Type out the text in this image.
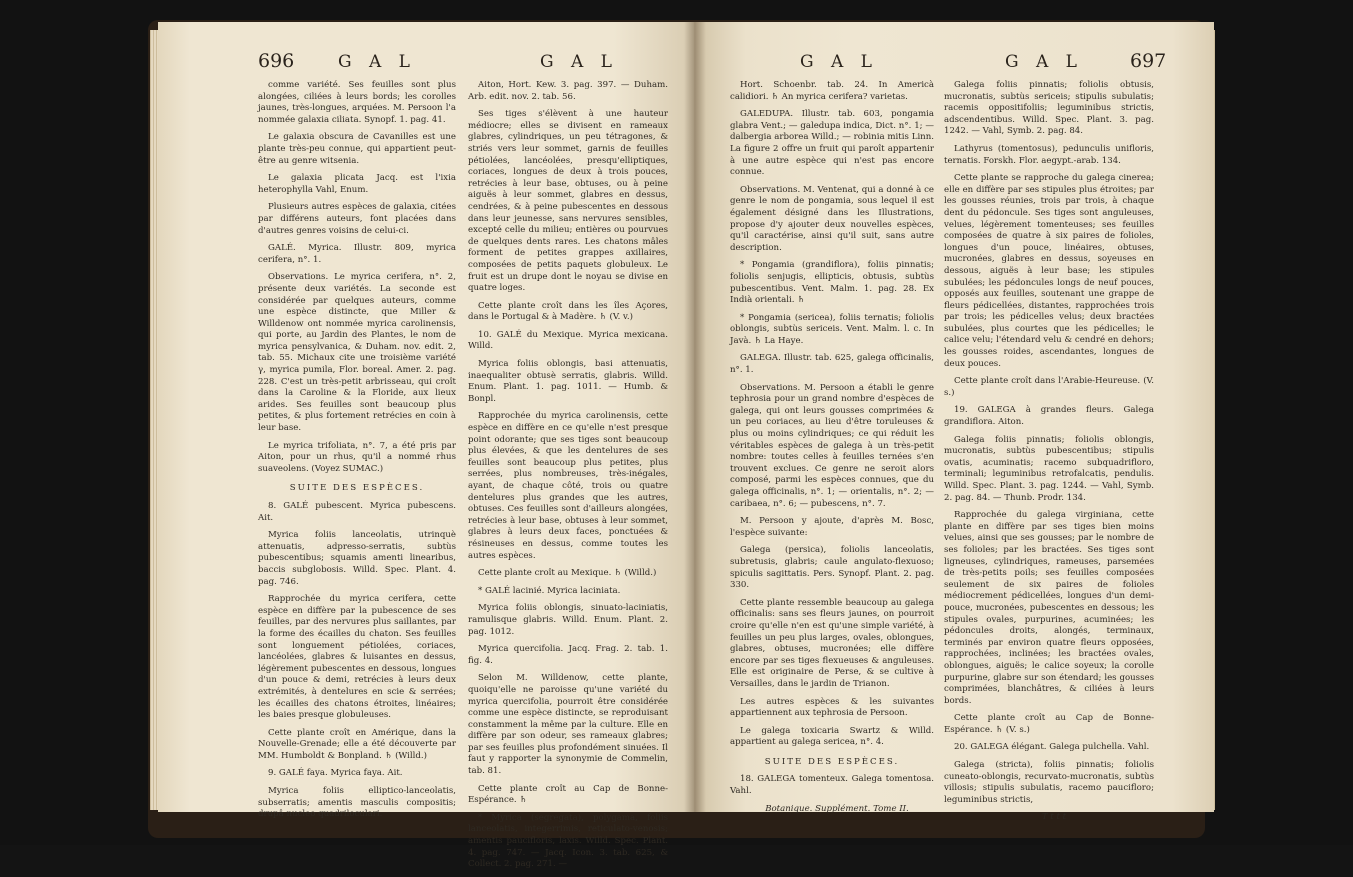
696	G A L	G A L	G A L	G A L 697

comme variété. Ses feuilles sont plus alongées, ciliées à leurs bords; les corolles jaunes, très-longues, arquées. M. Persoon l'a nommée galaxia ciliata. Synopf. 1. pag. 41.

Le galaxia obscura de Cavanilles est une plante très-peu connue, qui appartient peut-être au genre witsenia.

Le galaxia plicata Jacq. est l'ixia heterophylla Vahl, Enum.

Plusieurs autres espèces de galaxia, citées par différens auteurs, font placées dans d'autres genres voisins de celui-ci.

GALÉ. Myrica. Illustr. 809, myrica cerifera, n°. 1.

Observations. Le myrica cerifera, n°. 2, présente deux variétés. La seconde est considérée par quelques auteurs, comme une espèce distincte, que Miller & Willdenow ont nommée myrica carolinensis, qui porte, au Jardin des Plantes, le nom de myrica pensylvanica, & Duham. nov. edit. 2, tab. 55. Michaux cite une troisième variété γ, myrica pumila, Flor. boreal. Amer. 2. pag. 228. C'est un très-petit arbrisseau, qui croît dans la Caroline & la Floride, aux lieux arides. Ses feuilles sont beaucoup plus petites, & plus fortement retrécies en coin à leur base.

Le myrica trifoliata, n°. 7, a été pris par Aiton, pour un rhus, qu'il a nommé rhus suaveolens. (Voyez SUMAC.)

SUITE DES ESPÈCES.

8. GALÉ pubescent. Myrica pubescens. Ait.

Myrica foliis lanceolatis, utrinquè attenuatis, adpresso-serratis, subtùs pubescentibus; squamis amenti linearibus, baccis subglobosis. Willd. Spec. Plant. 4. pag. 746.

Rapprochée du myrica cerifera, cette espèce en diffère par la pubescence de ses feuilles, par des nervures plus saillantes, par la forme des écailles du chaton. Ses feuilles sont longuement pétiolées, coriaces, lancéolées, glabres & luisantes en dessus, légèrement pubescentes en dessous, longues d'un pouce & demi, retrécies à leurs deux extrémités, à dentelures en scie & serrées; les écailles des chatons étroites, linéaires; les baies presque globuleuses.

Cette plante croît en Amérique, dans la Nouvelle-Grenade; elle a été découverte par MM. Humboldt & Bonpland. ♄ (Willd.)

9. GALÉ faya. Myrica faya. Ait.

Myrica foliis elliptico-lanceolatis, subserratis; amentis masculis compositis; drupâ nucleo quadriloculari.

Aiton, Hort. Kew. 3. pag. 397. — Duham. Arb. edit. nov. 2. tab. 56.

Ses tiges s'élèvent à une hauteur médiocre; elles se divisent en rameaux glabres, cylindriques, un peu tétragones, & striés vers leur sommet, garnis de feuilles pétiolées, lancéolées, presqu'elliptiques, coriaces, longues de deux à trois pouces, retrécies à leur base, obtuses, ou à peine aiguës à leur sommet, glabres en dessus, cendrées, & à peine pubescentes en dessous dans leur jeunesse, sans nervures sensibles, excepté celle du milieu; entières ou pourvues de quelques dents rares. Les chatons mâles forment de petites grappes axillaires, composées de petits paquets globuleux. Le fruit est un drupe dont le noyau se divise en quatre loges.

Cette plante croît dans les îles Açores, dans le Portugal & à Madère. ♄ (V. v.)

10. GALÉ du Mexique. Myrica mexicana. Willd.

Myrica foliis oblongis, basi attenuatis, inaequaliter obtusè serratis, glabris. Willd. Enum. Plant. 1. pag. 1011. — Humb. & Bonpl.

Rapprochée du myrica carolinensis, cette espèce en diffère en ce qu'elle n'est presque point odorante; que ses tiges sont beaucoup plus élevées, & que les dentelures de ses feuilles sont beaucoup plus petites, plus serrées, plus nombreuses, très-inégales, ayant, de chaque côté, trois ou quatre dentelures plus grandes que les autres, obtuses. Ces feuilles sont d'ailleurs alongées, retrécies à leur base, obtuses à leur sommet, glabres à leurs deux faces, ponctuées & résineuses en dessus, comme toutes les autres espèces.

Cette plante croît au Mexique. ♄ (Willd.)

* GALÉ lacinié. Myrica laciniata.

Myrica foliis oblongis, sinuato-laciniatis, ramulisque glabris. Willd. Enum. Plant. 2. pag. 1012.

Myrica quercifolia. Jacq. Frag. 2. tab. 1. fig. 4.

Selon M. Willdenow, cette plante, quoiqu'elle ne paroisse qu'une variété du myrica quercifolia, pourroit être considérée comme une espèce distincte, se reproduisant constamment la même par la culture. Elle en diffère par son odeur, ses rameaux glabres; par ses feuilles plus profondément sinuées. Il faut y rapporter la synonymie de Commelin, tab. 81.

Cette plante croît au Cap de Bonne-Espérance. ♄

* Myrica (segregata), polygama, foliis lanceolatis, integerrimis, reticulato-venosis; amentis paucifloris, laxis. Willd. Spec. Plant. 4. pag. 747. — Jacq. Icon. 3. tab. 625, & Collect. 2. pag. 271. —

Hort. Schoenbr. tab. 24. In Americà calidiori. ♄ An myrica cerifera? varietas.

GALEDUPA. Illustr. tab. 603, pongamia glabra Vent.; — galedupa indica, Dict. n°. 1; — dalbergia arborea Willd.; — robinia mitis Linn. La figure 2 offre un fruit qui paroît appartenir à une autre espèce qui n'est pas encore connue.

Observations. M. Ventenat, qui a donné à ce genre le nom de pongamia, sous lequel il est également désigné dans les Illustrations, propose d'y ajouter deux nouvelles espèces, qu'il caractérise, ainsi qu'il suit, sans autre description.

* Pongamia (grandiflora), foliis pinnatis; foliolis senjugis, ellipticis, obtusis, subtùs pubescentibus. Vent. Malm. 1. pag. 28. Ex Indià orientali. ♄

* Pongamia (sericea), foliis ternatis; foliolis oblongis, subtùs sericeis. Vent. Malm. l. c. In Javà. ♄ La Haye.

GALEGA. Illustr. tab. 625, galega officinalis, n°. 1.

Observations. M. Persoon a établi le genre tephrosia pour un grand nombre d'espèces de galega, qui ont leurs gousses comprimées & un peu coriaces, au lieu d'être toruleuses & plus ou moins cylindriques; ce qui réduit les véritables espèces de galega à un très-petit nombre: toutes celles à feuilles ternées s'en trouvent exclues. Ce genre ne seroit alors composé, parmi les espèces connues, que du galega officinalis, n°. 1; — orientalis, n°. 2; — caribaea, n°. 6; — pubescens, n°. 7.

M. Persoon y ajoute, d'après M. Bosc, l'espèce suivante:

Galega (persica), foliolis lanceolatis, subretusis, glabris; caule angulato-flexuoso; spiculis sagittatis. Pers. Synopf. Plant. 2. pag. 330.

Cette plante ressemble beaucoup au galega officinalis: sans ses fleurs jaunes, on pourroit croire qu'elle n'en est qu'une simple variété, à feuilles un peu plus larges, ovales, oblongues, glabres, obtuses, mucronées; elle diffère encore par ses tiges flexueuses & anguleuses. Elle est originaire de Perse, & se cultive à Versailles, dans le jardin de Trianon.

Les autres espèces & les suivantes appartiennent aux tephrosia de Persoon.

Le galega toxicaria Swartz & Willd. appartient au galega sericea, n°. 4.

SUITE DES ESPÈCES.

18. GALEGA tomenteux. Galega tomentosa. Vahl.

Botanique. Supplément. Tome II.

Galega foliis pinnatis; foliolis obtusis, mucronatis, subtùs sericeis; stipulis subulatis; racemis oppositifoliis; leguminibus strictis, adscendentibus. Willd. Spec. Plant. 3. pag. 1242. — Vahl, Symb. 2. pag. 84.

Lathyrus (tomentosus), pedunculis unifloris, ternatis. Forskh. Flor. aegypt.-arab. 134.

Cette plante se rapproche du galega cinerea; elle en diffère par ses stipules plus étroites; par les gousses réunies, trois par trois, à chaque dent du pédoncule. Ses tiges sont anguleuses, velues, légèrement tomenteuses; ses feuilles composées de quatre à six paires de folioles, longues d'un pouce, linéaires, obtuses, mucronées, glabres en dessus, soyeuses en dessous, aiguës à leur base; les stipules subulées; les pédoncules longs de neuf pouces, opposés aux feuilles, soutenant une grappe de fleurs pédicellées, distantes, rapprochées trois par trois; les pédicelles velus; deux bractées subulées, plus courtes que les pédicelles; le calice velu; l'étendard velu & cendré en dehors; les gousses roides, ascendantes, longues de deux pouces.

Cette plante croît dans l'Arabie-Heureuse. (V. s.)

19. GALEGA à grandes fleurs. Galega grandiflora. Aiton.

Galega foliis pinnatis; foliolis oblongis, mucronatis, subtùs pubescentibus; stipulis ovatis, acuminatis; racemo subquadrifloro, terminali; leguminibus retrofalcatis, pendulis. Willd. Spec. Plant. 3. pag. 1244. — Vahl, Symb. 2. pag. 84. — Thunb. Prodr. 134.

Rapprochée du galega virginiana, cette plante en diffère par ses tiges bien moins velues, ainsi que ses gousses; par le nombre de ses folioles; par les bractées. Ses tiges sont ligneuses, cylindriques, rameuses, parsemées de très-petits poils; ses feuilles composées seulement de six paires de folioles médiocrement pédicellées, longues d'un demi-pouce, mucronées, pubescentes en dessous; les stipules ovales, purpurines, acuminées; les pédoncules droits, alongés, terminaux, terminés par environ quatre fleurs opposées, rapprochées, inclinées; les bractées ovales, oblongues, aiguës; le calice soyeux; la corolle purpurine, glabre sur son étendard; les gousses comprimées, blanchâtres, & ciliées à leurs bords.

Cette plante croît au Cap de Bonne-Espérance. ♄ (V. s.)

20. GALEGA élégant. Galega pulchella. Vahl.

Galega (stricta), foliis pinnatis; foliolis cuneato-oblongis, recurvato-mucronatis, subtùs villosis; stipulis subulatis, racemo paucifloro; leguminibus strictis,

T t t t
